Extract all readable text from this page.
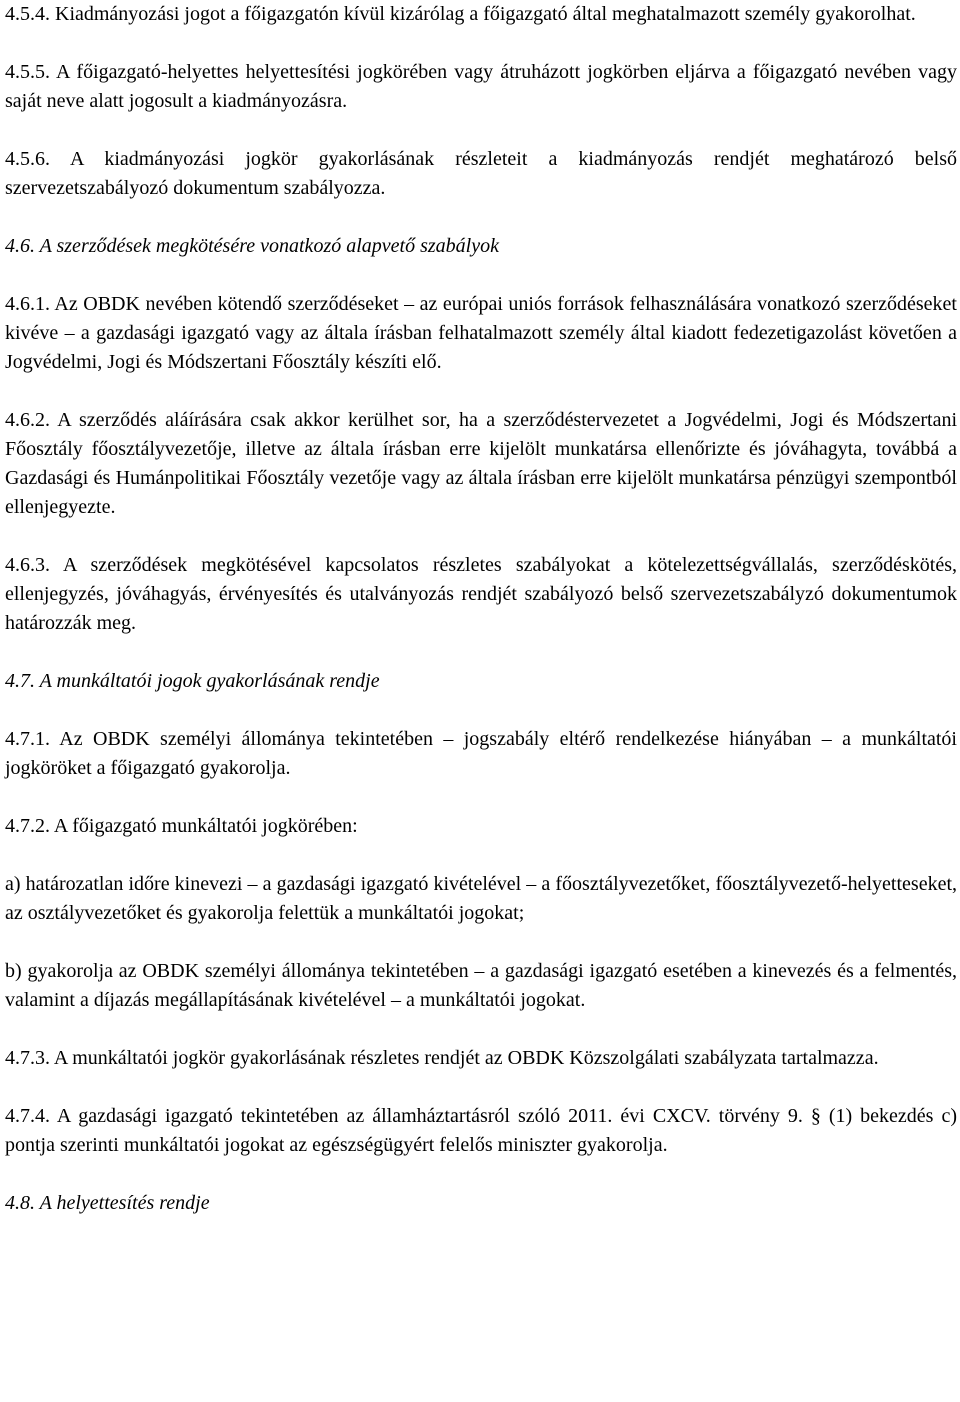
4.5.4. Kiadmányozási jogot a főigazgatón kívül kizárólag a főigazgató által meghatalmazott személy gyakorolhat.

4.5.5. A főigazgató-helyettes helyettesítési jogkörében vagy átruházott jogkörben eljárva a főigazgató nevében vagy saját neve alatt jogosult a kiadmányozásra.

4.5.6. A kiadmányozási jogkör gyakorlásának részleteit a kiadmányozás rendjét meghatározó belső szervezetszabályozó dokumentum szabályozza.

4.6. A szerződések megkötésére vonatkozó alapvető szabályok

4.6.1. Az OBDK nevében kötendő szerződéseket – az európai uniós források felhasználására vonatkozó szerződéseket kivéve – a gazdasági igazgató vagy az általa írásban felhatalmazott személy által kiadott fedezetigazolást követően a Jogvédelmi, Jogi és Módszertani Főosztály készíti elő.

4.6.2. A szerződés aláírására csak akkor kerülhet sor, ha a szerződéstervezetet a Jogvédelmi, Jogi és Módszertani Főosztály főosztályvezetője, illetve az általa írásban erre kijelölt munkatársa ellenőrizte és jóváhagyta, továbbá a Gazdasági és Humánpolitikai Főosztály vezetője vagy az általa írásban erre kijelölt munkatársa pénzügyi szempontból ellenjegyezte.

4.6.3. A szerződések megkötésével kapcsolatos részletes szabályokat a kötelezettségvállalás, szerződéskötés, ellenjegyzés, jóváhagyás, érvényesítés és utalványozás rendjét szabályozó belső szervezetszabályzó dokumentumok határozzák meg.

4.7. A munkáltatói jogok gyakorlásának rendje

4.7.1. Az OBDK személyi állománya tekintetében – jogszabály eltérő rendelkezése hiányában – a munkáltatói jogköröket a főigazgató gyakorolja.

4.7.2. A főigazgató munkáltatói jogkörében:

a) határozatlan időre kinevezi – a gazdasági igazgató kivételével – a főosztályvezetőket, főosztályvezető-helyetteseket, az osztályvezetőket és gyakorolja felettük a munkáltatói jogokat;

b) gyakorolja az OBDK személyi állománya tekintetében – a gazdasági igazgató esetében a kinevezés és a felmentés, valamint a díjazás megállapításának kivételével – a munkáltatói jogokat.

4.7.3. A munkáltatói jogkör gyakorlásának részletes rendjét az OBDK Közszolgálati szabályzata tartalmazza.

4.7.4. A gazdasági igazgató tekintetében az államháztartásról szóló 2011. évi CXCV. törvény 9. § (1) bekezdés c) pontja szerinti munkáltatói jogokat az egészségügyért felelős miniszter gyakorolja.

4.8. A helyettesítés rendje
